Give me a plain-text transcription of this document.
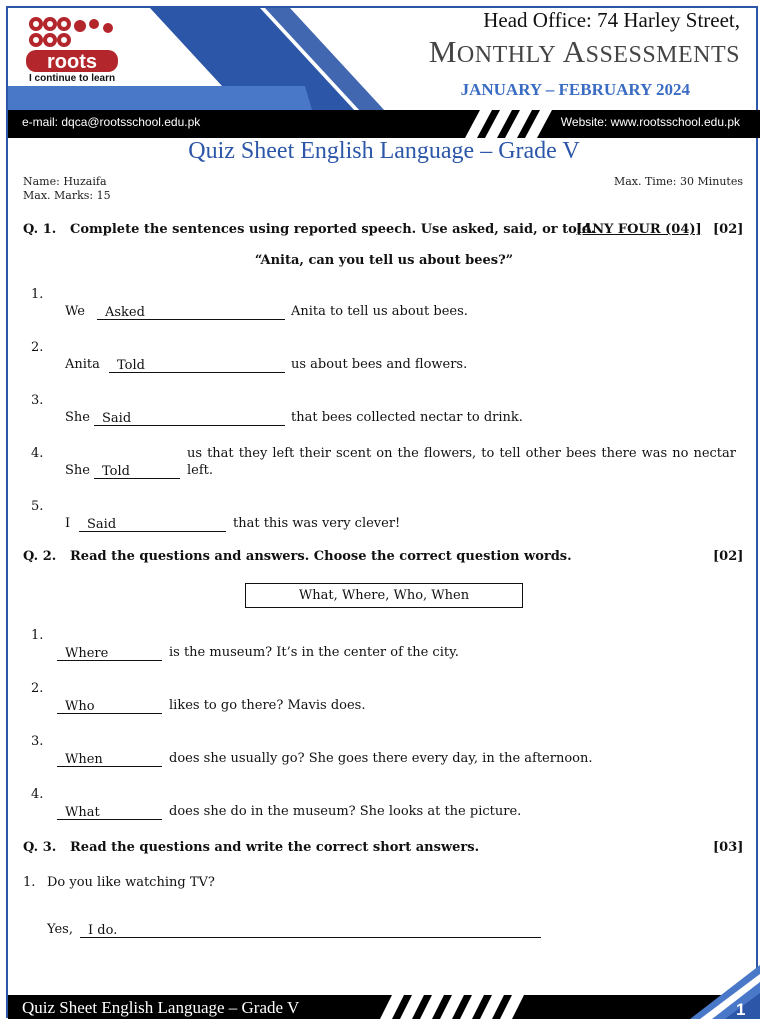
roots
I continue to learn
Head Office: 74 Harley Street,
MONTHLY ASSESSMENTS
JANUARY – FEBRUARY 2024
e-mail: dqca@rootsschool.edu.pk	Website: www.rootsschool.edu.pk
Quiz Sheet English Language – Grade V
Name: Huzaifa
Max. Marks: 15
Max. Time: 30 Minutes
Q. 1. Complete the sentences using reported speech. Use asked, said, or told.
[ANY FOUR (04)] [02]
“Anita, can you tell us about bees?”
1.
We	Asked	Anita to tell us about bees.
2.
Anita	Told	us about bees and flowers.
3.
She Said	that bees collected nectar to drink.
4.	us that they left their scent on the flowers, to tell other bees there was no nectar
She Told	left.
5.
I	Said	that this was very clever!
Q. 2. Read the questions and answers. Choose the correct question words.	[02]
What, Where, Who, When
1.
Where	is the museum? It’s in the center of the city.
2.
Who	likes to go there? Mavis does.
3.
When	does she usually go? She goes there every day, in the afternoon.
4.
What	does she do in the museum? She looks at the picture.
Q. 3. Read the questions and write the correct short answers.	[03]
1. Do you like watching TV?
Yes,	I do.
Quiz Sheet English Language – Grade V	1
